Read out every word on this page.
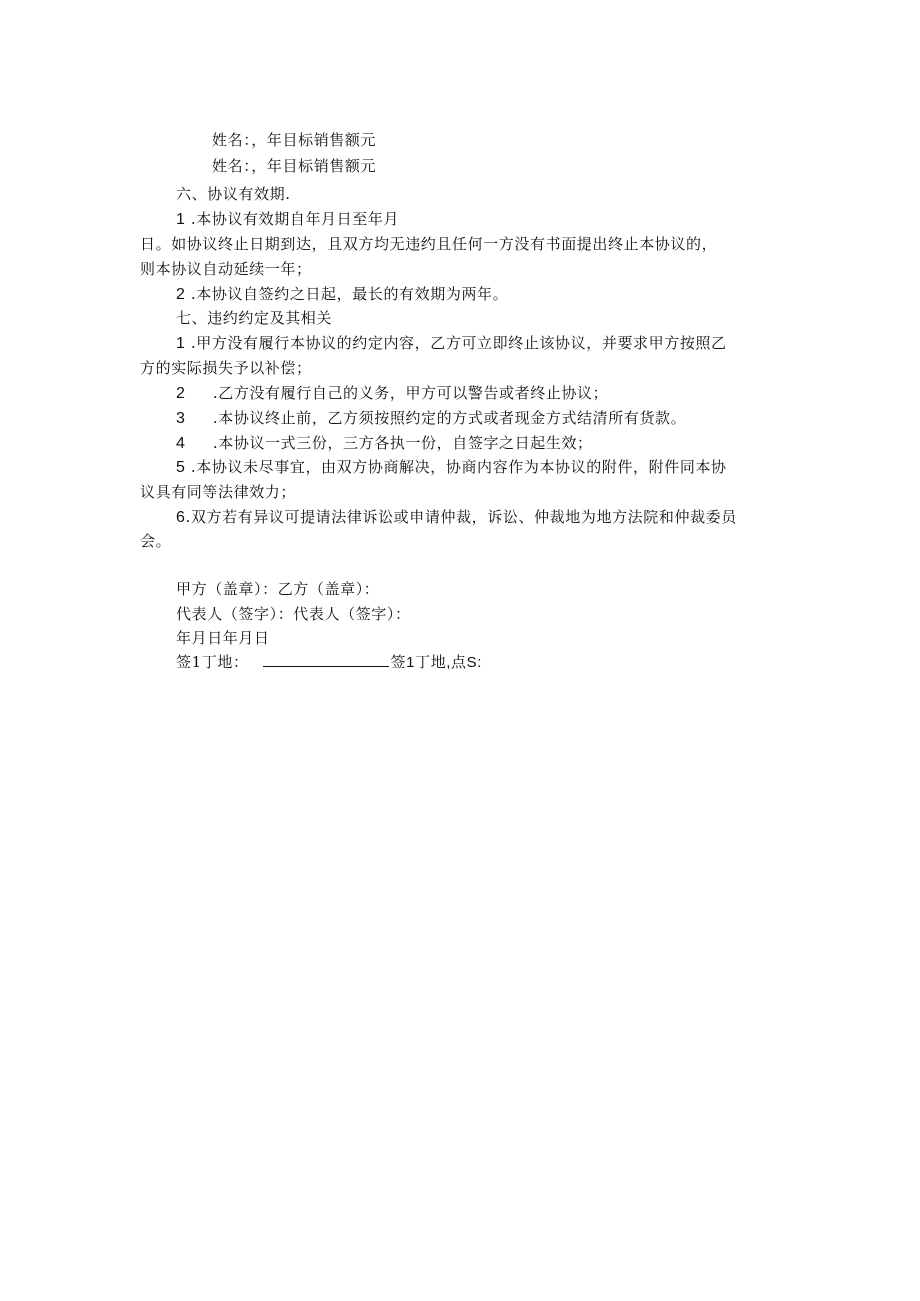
姓名：，年目标销售额元
姓名：，年目标销售额元
六、协议有效期.
1 .本协议有效期自年月日至年月
日。如协议终止日期到达，且双方均无违约且任何一方没有书面提出终止本协议的，
则本协议自动延续一年；
2 .本协议自签约之日起，最长的有效期为两年。
七、违约约定及其相关
1 .甲方没有履行本协议的约定内容，乙方可立即终止该协议，并要求甲方按照乙
方的实际损失予以补偿；
2 .乙方没有履行自己的义务，甲方可以警告或者终止协议；
3 .本协议终止前，乙方须按照约定的方式或者现金方式结清所有货款。
4 .本协议一式三份，三方各执一份，自签字之日起生效；
5 .本协议未尽事宜，由双方协商解决，协商内容作为本协议的附件，附件同本协
议具有同等法律效力；
6.双方若有异议可提请法律诉讼或申请仲裁，诉讼、仲裁地为地方法院和仲裁委员
会。
甲方（盖章）：乙方（盖章）：
代表人（签字）：代表人（签字）：
年月日年月日
签1丁地：	签1丁地,点S:
